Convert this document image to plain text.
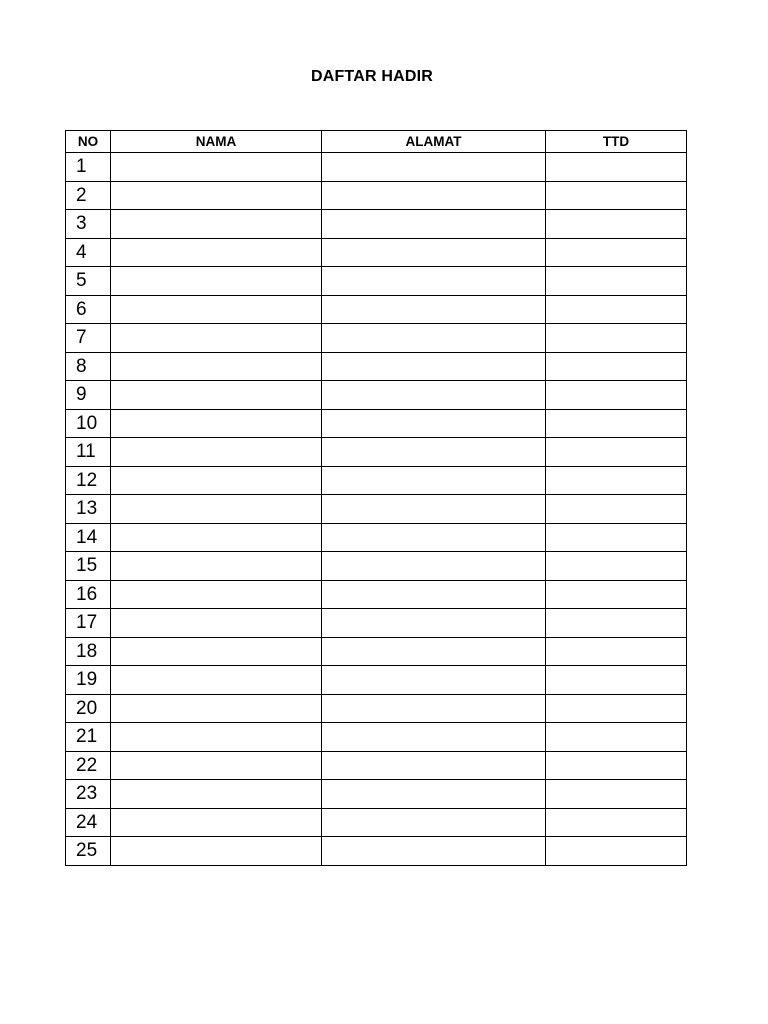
DAFTAR HADIR
NO	NAMA	ALAMAT	TTD
1			
2			
3			
4			
5			
6			
7			
8			
9			
10			
11			
12			
13			
14			
15			
16			
17			
18			
19			
20			
21			
22			
23			
24			
25			
